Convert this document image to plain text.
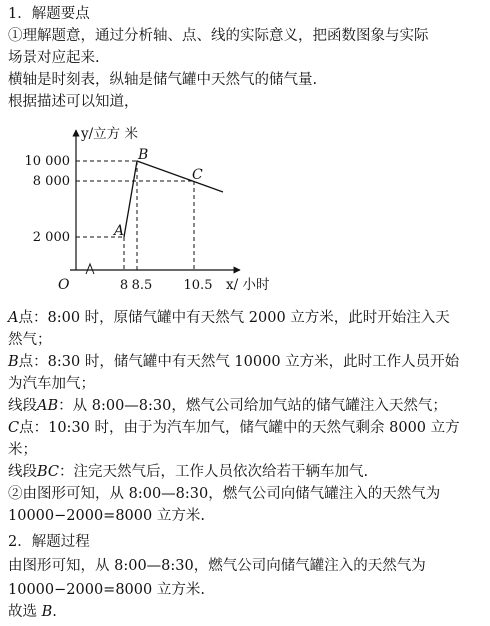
1．解题要点
①理解题意，通过分析轴、点、线的实际意义，把函数图象与实际
场景对应起来.
横轴是时刻表，纵轴是储气罐中天然气的储气量.
根据描述可以知道，
A
B
C
y/立方 米
10 000
8 000
2 000
O	8 8.5 10.5 x/ 小时
A点：8:00 时，原储气罐中有天然气 2000 立方米，此时开始注入天
然气；
B点：8:30 时，储气罐中有天然气 10000 立方米，此时工作人员开始
为汽车加气；
线段AB：从 8:00—8:30，燃气公司给加气站的储气罐注入天然气；
C点：10:30 时，由于为汽车加气，储气罐中的天然气剩余 8000 立方
米；
线段BC：注完天然气后，工作人员依次给若干辆车加气.
②由图形可知，从 8:00—8:30，燃气公司向储气罐注入的天然气为
10000−2000=8000 立方米.
2．解题过程
由图形可知，从 8:00—8:30，燃气公司向储气罐注入的天然气为
10000−2000=8000 立方米.
故选 B.
